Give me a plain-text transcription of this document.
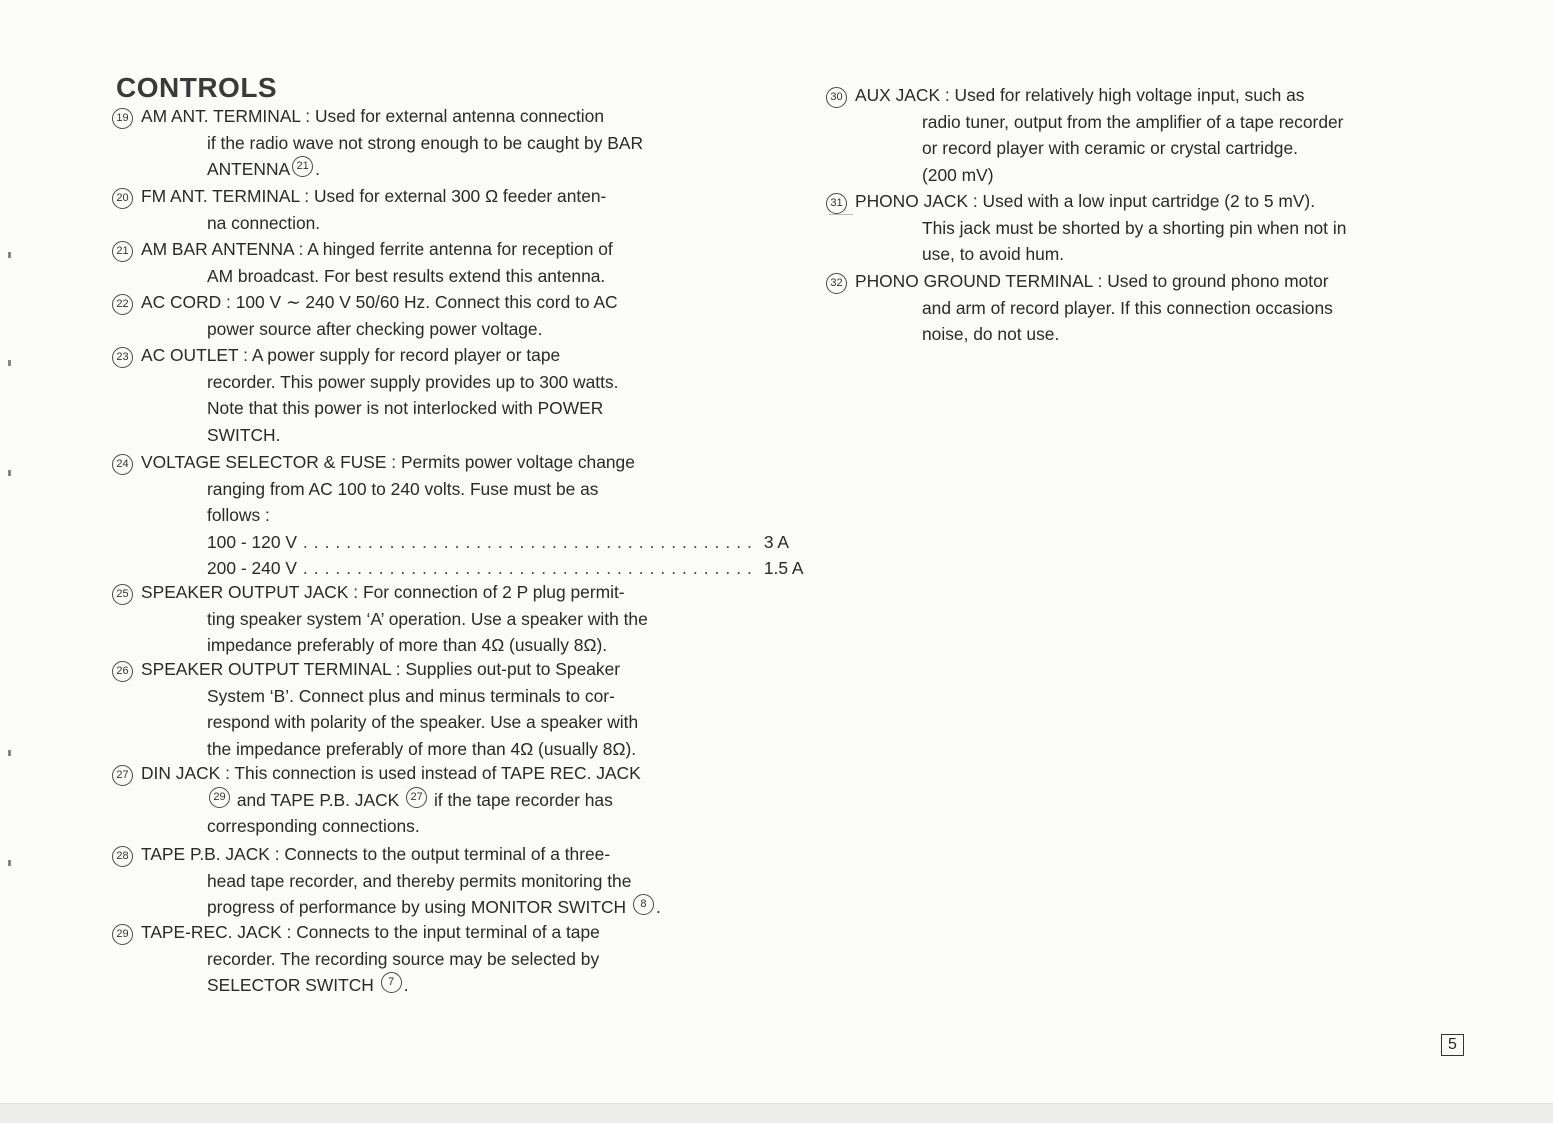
CONTROLS
19 AM ANT. TERMINAL : Used for external antenna connection
if the radio wave not strong enough to be caught by BAR
ANTENNA 21 .
20 FM ANT. TERMINAL : Used for external 300 Ω feeder anten-
na connection.
21 AM BAR ANTENNA : A hinged ferrite antenna for reception of
AM broadcast. For best results extend this antenna.
22 AC CORD : 100 V ∼ 240 V 50/60 Hz. Connect this cord to AC
power source after checking power voltage.
23 AC OUTLET : A power supply for record player or tape
recorder. This power supply provides up to 300 watts.
Note that this power is not interlocked with POWER
SWITCH.
24 VOLTAGE SELECTOR & FUSE : Permits power voltage change
ranging from AC 100 to 240 volts. Fuse must be as
follows :
100 - 120 V .......................................... 3 A
200 - 240 V .......................................... 1.5 A
25 SPEAKER OUTPUT JACK : For connection of 2 P plug permit-
ting speaker system ‘A’ operation. Use a speaker with the
impedance preferably of more than 4Ω (usually 8Ω).
26 SPEAKER OUTPUT TERMINAL : Supplies out-put to Speaker
System ‘B’. Connect plus and minus terminals to cor-
respond with polarity of the speaker. Use a speaker with
the impedance preferably of more than 4Ω (usually 8Ω).
27 DIN JACK : This connection is used instead of TAPE REC. JACK
29
and TAPE P.B. JACK
	27
if the tape recorder has
corresponding connections.
28 TAPE P.B. JACK : Connects to the output terminal of a three-
head tape recorder, and thereby permits monitoring the
progress of performance by using MONITOR SWITCH
	8 .
29 TAPE-REC. JACK : Connects to the input terminal of a tape
recorder. The recording source may be selected by
SELECTOR SWITCH
	7 .
30 AUX JACK : Used for relatively high voltage input, such as
radio tuner, output from the amplifier of a tape recorder
or record player with ceramic or crystal cartridge.
(200 mV)
31 PHONO JACK : Used with a low input cartridge (2 to 5 mV).
This jack must be shorted by a shorting pin when not in
use, to avoid hum.
32 PHONO GROUND TERMINAL : Used to ground phono motor
and arm of record player. If this connection occasions
noise, do not use.
5
